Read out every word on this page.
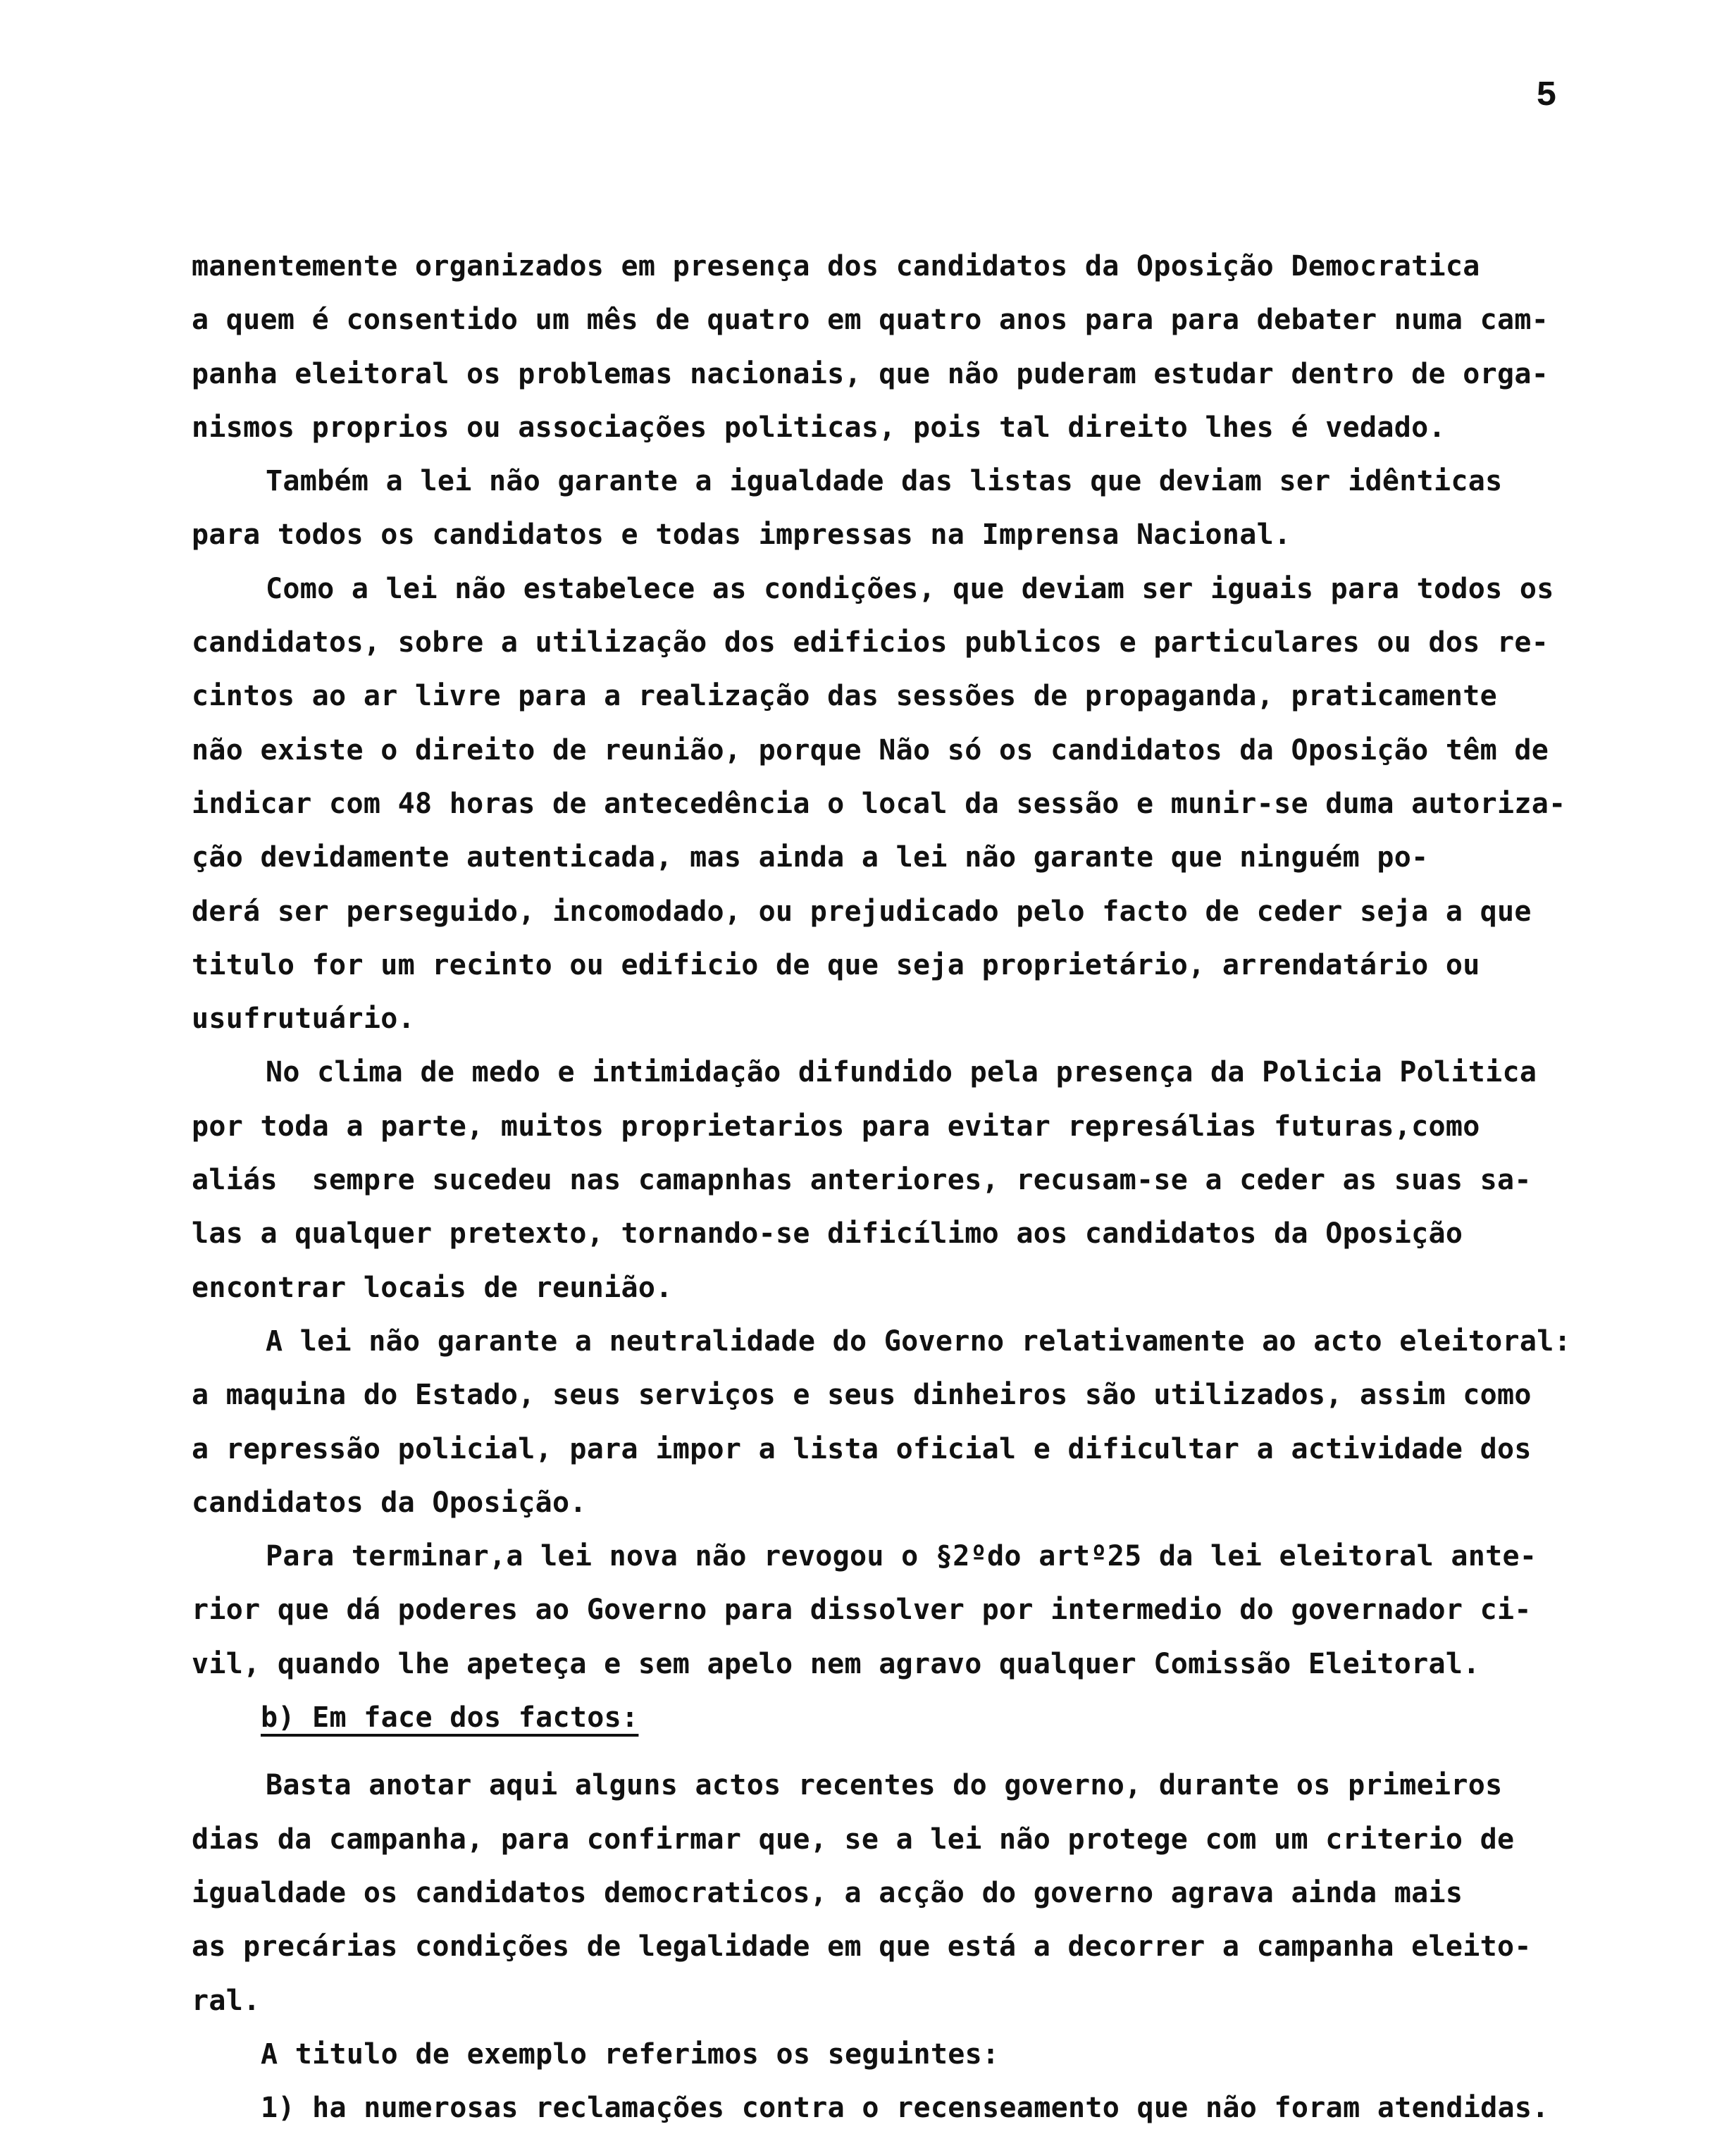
5
manentemente organizados em presença dos candidatos da Oposição Democratica
a quem é consentido um mês de quatro em quatro anos para para debater numa cam-
panha eleitoral os problemas nacionais, que não puderam estudar dentro de orga-
nismos proprios ou associações politicas, pois tal direito lhes é vedado.
Também a lei não garante a igualdade das listas que deviam ser idênticas
para todos os candidatos e todas impressas na Imprensa Nacional.
Como a lei não estabelece as condições, que deviam ser iguais para todos os
candidatos, sobre a utilização dos edificios publicos e particulares ou dos re-
cintos ao ar livre para a realização das sessões de propaganda, praticamente
não existe o direito de reunião, porque Não só os candidatos da Oposição têm de
indicar com 48 horas de antecedência o local da sessão e munir-se duma autoriza-
ção devidamente autenticada, mas ainda a lei não garante que ninguém po-
derá ser perseguido, incomodado, ou prejudicado pelo facto de ceder seja a que
titulo for um recinto ou edificio de que seja proprietário, arrendatário ou
usufrutuário.
No clima de medo e intimidação difundido pela presença da Policia Politica
por toda a parte, muitos proprietarios para evitar represálias futuras,como
aliás  sempre sucedeu nas camapnhas anteriores, recusam-se a ceder as suas sa-
las a qualquer pretexto, tornando-se dificílimo aos candidatos da Oposição
encontrar locais de reunião.
A lei não garante a neutralidade do Governo relativamente ao acto eleitoral:
a maquina do Estado, seus serviços e seus dinheiros são utilizados, assim como
a repressão policial, para impor a lista oficial e dificultar a actividade dos
candidatos da Oposição.
Para terminar,a lei nova não revogou o §2ºdo artº25 da lei eleitoral ante-
rior que dá poderes ao Governo para dissolver por intermedio do governador ci-
vil, quando lhe apeteça e sem apelo nem agravo qualquer Comissão Eleitoral.
b) Em face dos factos:
Basta anotar aqui alguns actos recentes do governo, durante os primeiros
dias da campanha, para confirmar que, se a lei não protege com um criterio de
igualdade os candidatos democraticos, a acção do governo agrava ainda mais
as precárias condições de legalidade em que está a decorrer a campanha eleito-
ral.
A titulo de exemplo referimos os seguintes:
1) ha numerosas reclamações contra o recenseamento que não foram atendidas.
